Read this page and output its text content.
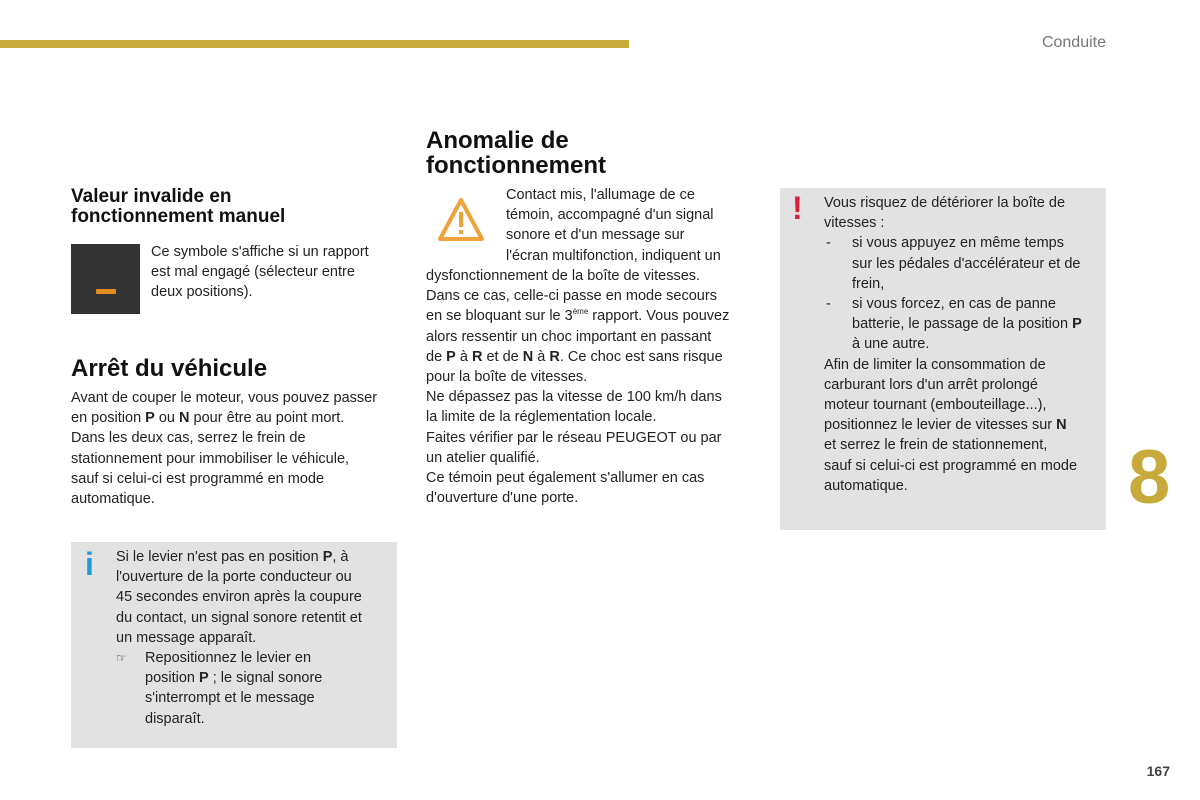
Conduite
8
167
Valeur invalide en
fonctionnement manuel
Ce symbole s'affiche si un rapport
est mal engagé (sélecteur entre
deux positions).
Arrêt du véhicule
Avant de couper le moteur, vous pouvez passer
en position P ou N pour être au point mort.
Dans les deux cas, serrez le frein de
stationnement pour immobiliser le véhicule,
sauf si celui-ci est programmé en mode
automatique.
i Si le levier n'est pas en position P, à
l'ouverture de la porte conducteur ou
45 secondes environ après la coupure
du contact, un signal sonore retentit et
un message apparaît.
☞ Repositionnez le levier en
position P ; le signal sonore
s'interrompt et le message
disparaît.
Anomalie de
fonctionnement
Contact mis, l'allumage de ce
témoin, accompagné d'un signal
sonore et d'un message sur
l'écran multifonction, indiquent un
dysfonctionnement de la boîte de vitesses.
Dans ce cas, celle-ci passe en mode secours
en se bloquant sur le 3ème rapport. Vous pouvez
alors ressentir un choc important en passant
de P à R et de N à R. Ce choc est sans risque
pour la boîte de vitesses.
Ne dépassez pas la vitesse de 100 km/h dans
la limite de la réglementation locale.
Faites vérifier par le réseau PEUGEOT ou par
un atelier qualifié.
Ce témoin peut également s'allumer en cas
d'ouverture d'une porte.
! Vous risquez de détériorer la boîte de
vitesses :
- si vous appuyez en même temps
sur les pédales d'accélérateur et de
frein,
- si vous forcez, en cas de panne
batterie, le passage de la position P
à une autre.
Afin de limiter la consommation de
carburant lors d'un arrêt prolongé
moteur tournant (embouteillage...),
positionnez le levier de vitesses sur N
et serrez le frein de stationnement,
sauf si celui-ci est programmé en mode
automatique.
